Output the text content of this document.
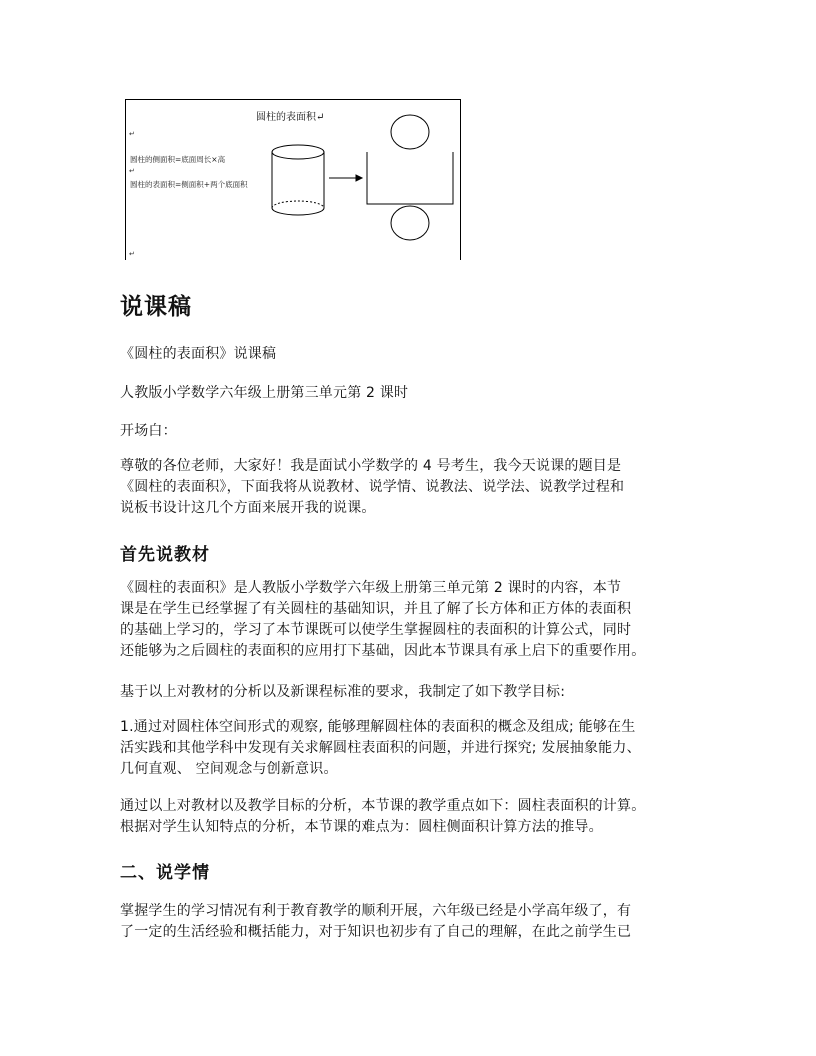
圆柱的表面积↵
↵
圆柱的侧面积=底面周长×高
↵
圆柱的表面积=侧面积+两个底面积
↵
说课稿

《圆柱的表面积》说课稿

人教版小学数学六年级上册第三单元第 2 课时

开场白：

尊敬的各位老师，大家好！我是面试小学数学的 4 号考生，我今天说课的题目是

《圆柱的表面积》，下面我将从说教材、说学情、说教法、说学法、说教学过程和

说板书设计这几个方面来展开我的说课。

首先说教材

《圆柱的表面积》是人教版小学数学六年级上册第三单元第 2 课时的内容，本节

课是在学生已经掌握了有关圆柱的基础知识，并且了解了长方体和正方体的表面积

的基础上学习的，学习了本节课既可以使学生掌握圆柱的表面积的计算公式，同时

还能够为之后圆柱的表面积的应用打下基础，因此本节课具有承上启下的重要作用。

基于以上对教材的分析以及新课程标准的要求，我制定了如下教学目标:

1.通过对圆柱体空间形式的观察, 能够理解圆柱体的表面积的概念及组成; 能够在生

活实践和其他学科中发现有关求解圆柱表面积的问题，并进行探究; 发展抽象能力、

几何直观、 空间观念与创新意识。

通过以上对教材以及教学目标的分析，本节课的教学重点如下：圆柱表面积的计算。

根据对学生认知特点的分析，本节课的难点为：圆柱侧面积计算方法的推导。

二、说学情

掌握学生的学习情况有利于教育教学的顺利开展，六年级已经是小学高年级了，有

了一定的生活经验和概括能力，对于知识也初步有了自己的理解，在此之前学生已
